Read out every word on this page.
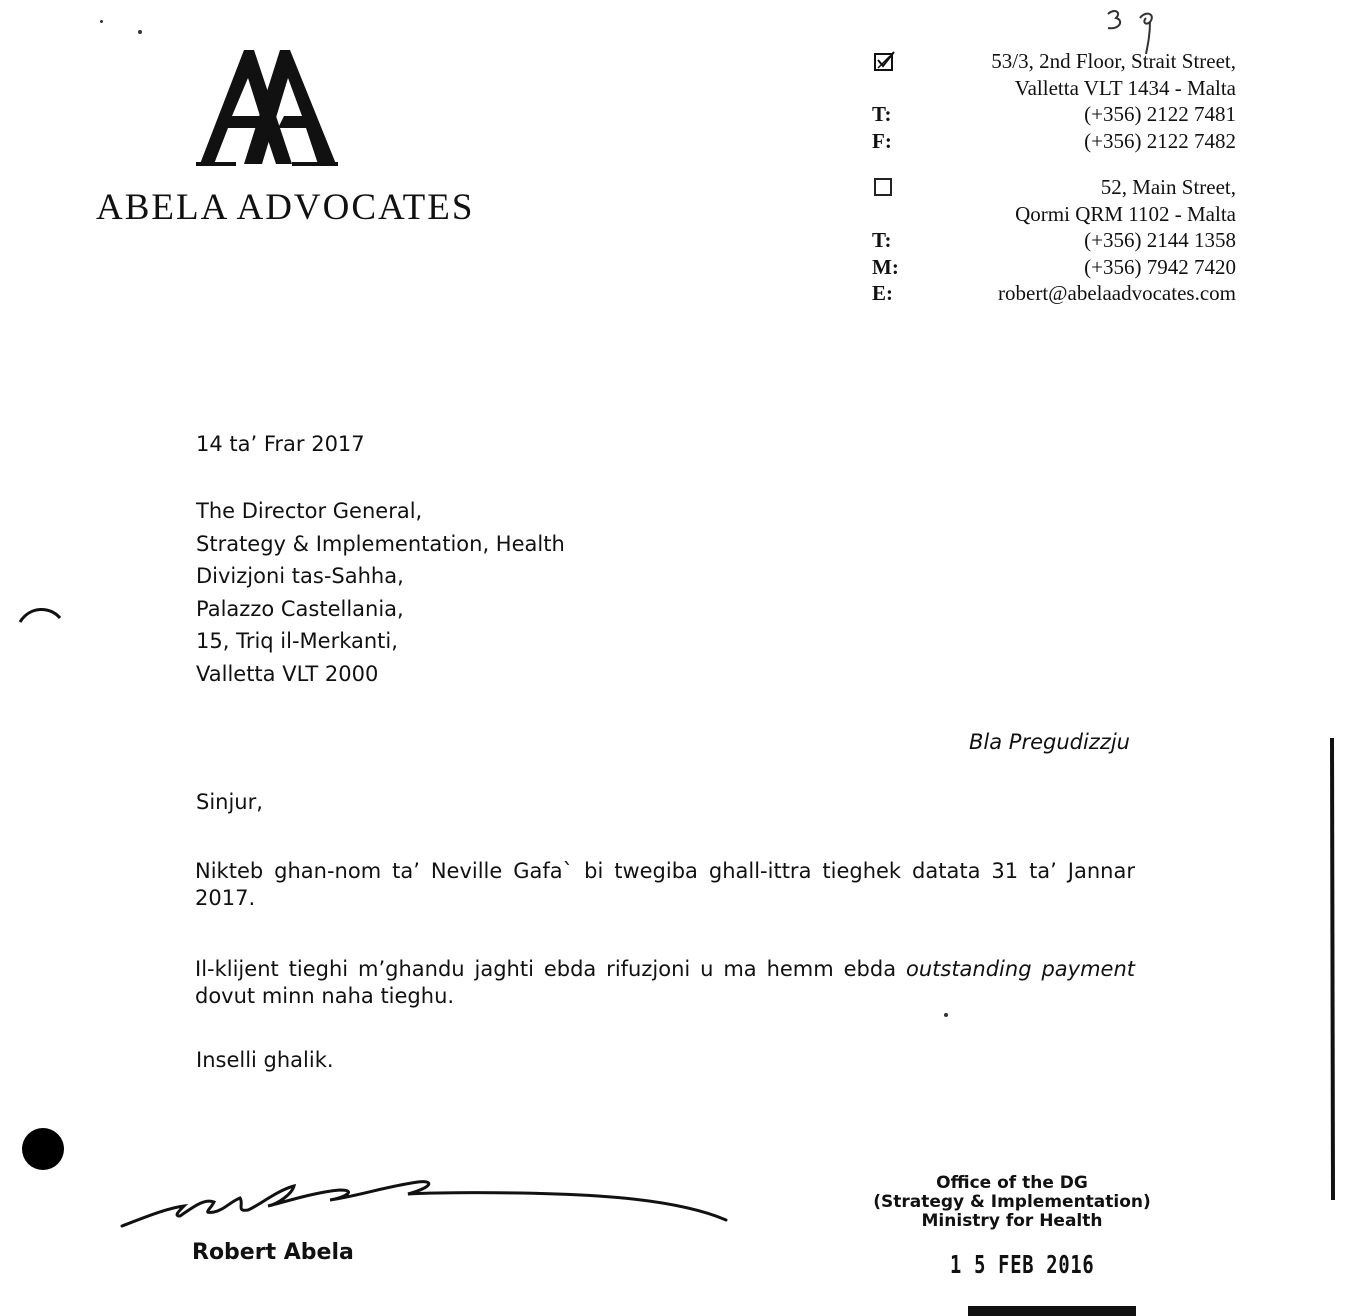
ABELA ADVOCATES
53/3, 2nd Floor, Strait Street,
Valletta VLT 1434 - Malta
T:	(+356) 2122 7481
F:	(+356) 2122 7482
52, Main Street,
Qormi QRM 1102 - Malta
T:	(+356) 2144 1358
M:	(+356) 7942 7420
E:	robert@abelaadvocates.com
14 ta’ Frar 2017
The Director General,
Strategy & Implementation, Health
Divizjoni tas-Sahha,
Palazzo Castellania,
15, Triq il-Merkanti,
Valletta VLT 2000
Bla Pregudizzju
Sinjur,
Nikteb ghan-nom ta’ Neville Gafa` bi twegiba ghall-ittra tieghek datata 31 ta’ Jannar 2017.
Il-klijent tieghi m’ghandu jaghti ebda rifuzjoni u ma hemm ebda outstanding payment dovut minn naha tieghu.
Inselli ghalik.
Robert Abela
Office of the DG
(Strategy & Implementation)
Ministry for Health
1 5 FEB 2016
